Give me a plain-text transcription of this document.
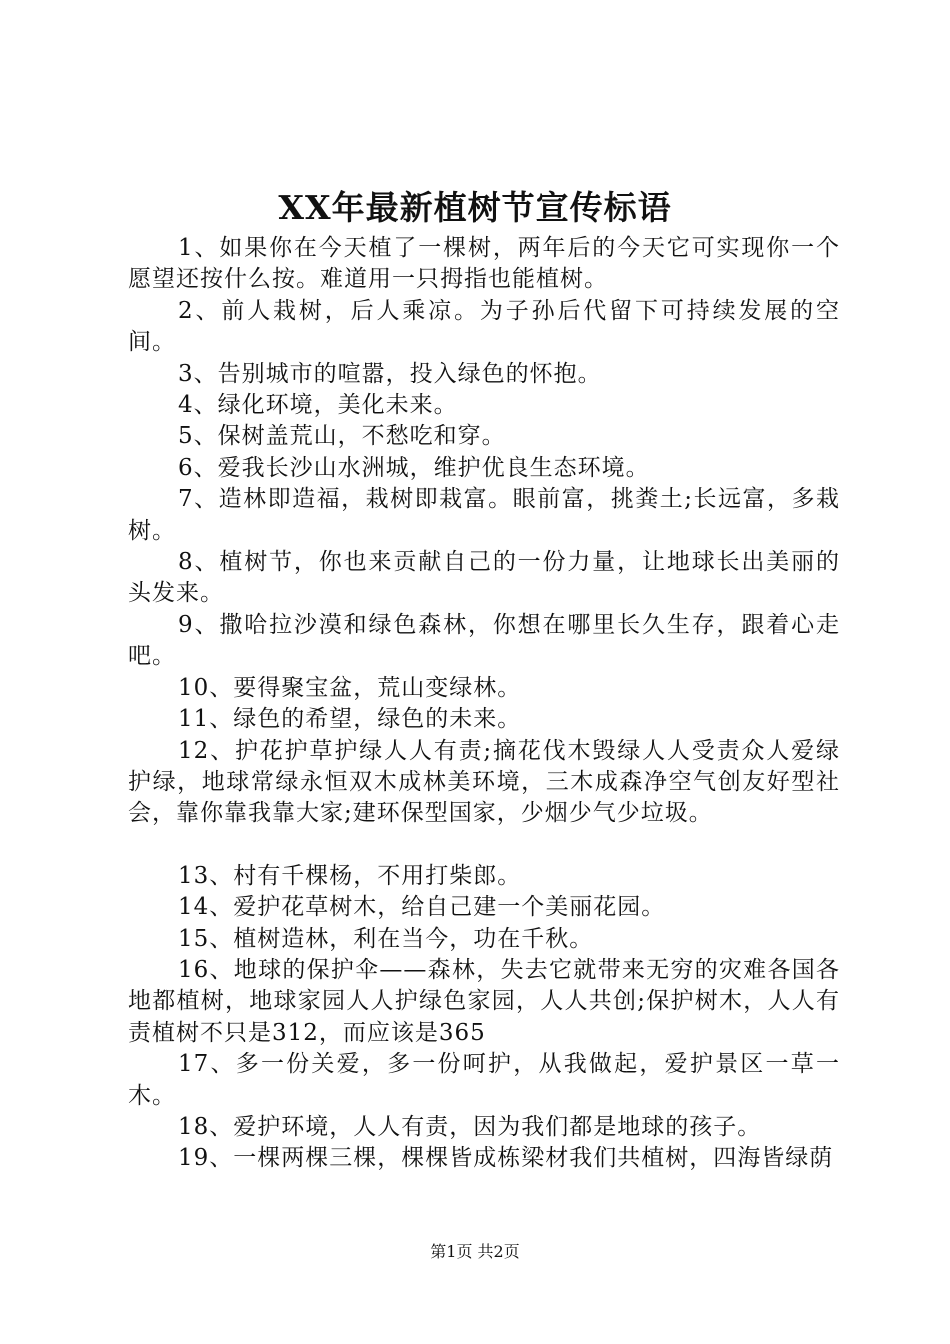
XX年最新植树节宣传标语

1、如果你在今天植了一棵树，两年后的今天它可实现你一个愿望还按什么按。难道用一只拇指也能植树。

2、前人栽树，后人乘凉。为子孙后代留下可持续发展的空间。

3、告别城市的喧嚣，投入绿色的怀抱。

4、绿化环境，美化未来。

5、保树盖荒山，不愁吃和穿。

6、爱我长沙山水洲城，维护优良生态环境。

7、造林即造福，栽树即栽富。眼前富，挑粪土;长远富，多栽树。

8、植树节，你也来贡献自己的一份力量，让地球长出美丽的头发来。

9、撒哈拉沙漠和绿色森林，你想在哪里长久生存，跟着心走吧。

10、要得聚宝盆，荒山变绿林。

11、绿色的希望，绿色的未来。

12、护花护草护绿人人有责;摘花伐木毁绿人人受责众人爱绿护绿，地球常绿永恒双木成林美环境，三木成森净空气创友好型社会，靠你靠我靠大家;建环保型国家，少烟少气少垃圾。

13、村有千棵杨，不用打柴郎。

14、爱护花草树木，给自己建一个美丽花园。

15、植树造林，利在当今，功在千秋。

16、地球的保护伞——森林，失去它就带来无穷的灾难各国各地都植树，地球家园人人护绿色家园，人人共创;保护树木，人人有责植树不只是312，而应该是365

17、多一份关爱，多一份呵护，从我做起，爱护景区一草一木。

18、爱护环境，人人有责，因为我们都是地球的孩子。

19、一棵两棵三棵，棵棵皆成栋梁材我们共植树，四海皆绿荫

第1页 共2页
